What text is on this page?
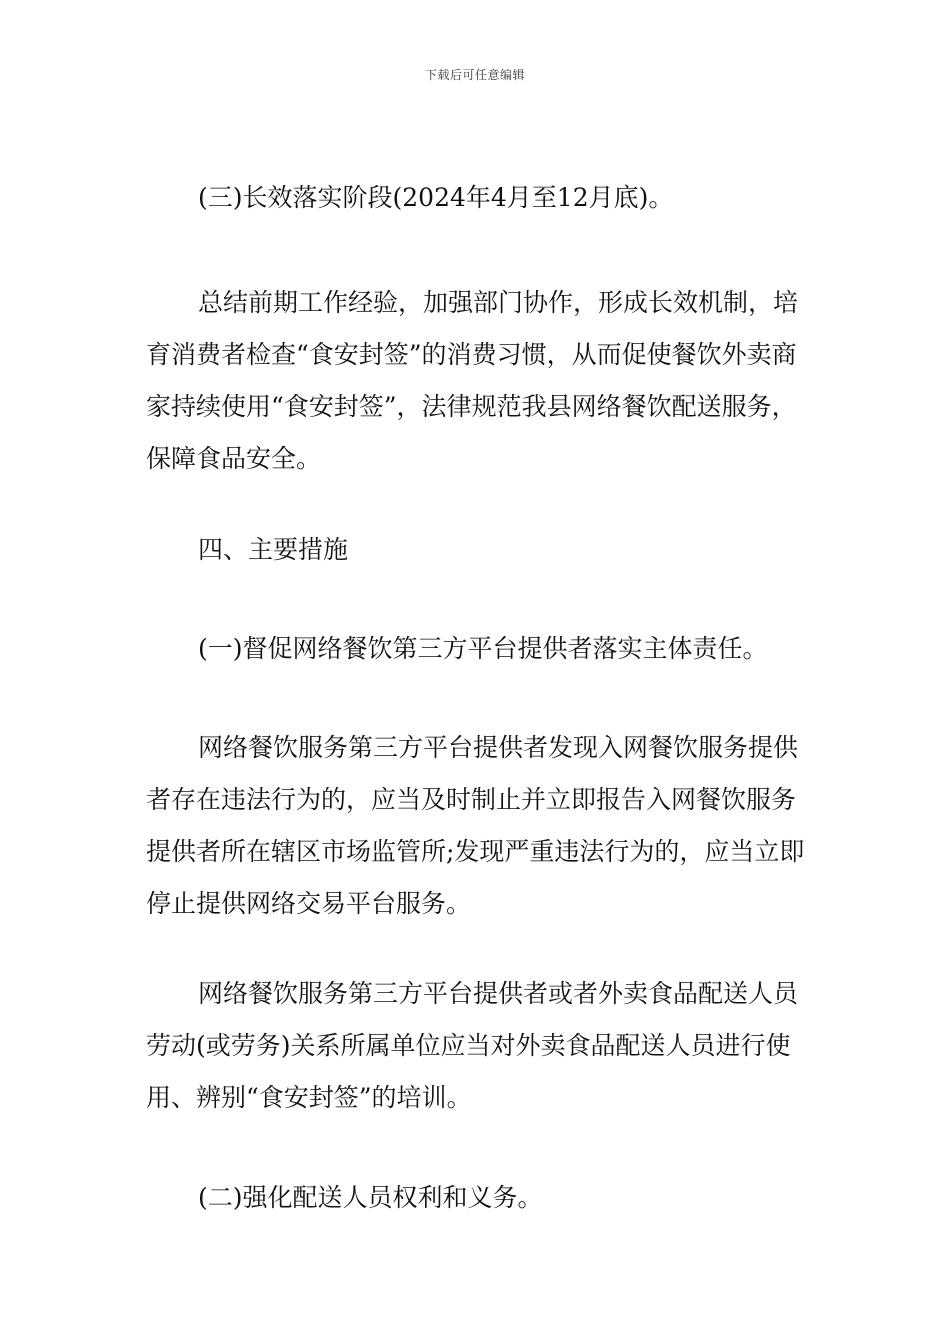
下载后可任意编辑

(三)长效落实阶段(2024年4月至12月底)。

总结前期工作经验，加强部门协作，形成长效机制，培育消费者检查“食安封签”的消费习惯，从而促使餐饮外卖商家持续使用“食安封签”，法律规范我县网络餐饮配送服务，保障食品安全。

四、主要措施

(一)督促网络餐饮第三方平台提供者落实主体责任。

网络餐饮服务第三方平台提供者发现入网餐饮服务提供者存在违法行为的，应当及时制止并立即报告入网餐饮服务提供者所在辖区市场监管所;发现严重违法行为的，应当立即停止提供网络交易平台服务。

网络餐饮服务第三方平台提供者或者外卖食品配送人员劳动(或劳务)关系所属单位应当对外卖食品配送人员进行使用、辨别“食安封签”的培训。

(二)强化配送人员权利和义务。
